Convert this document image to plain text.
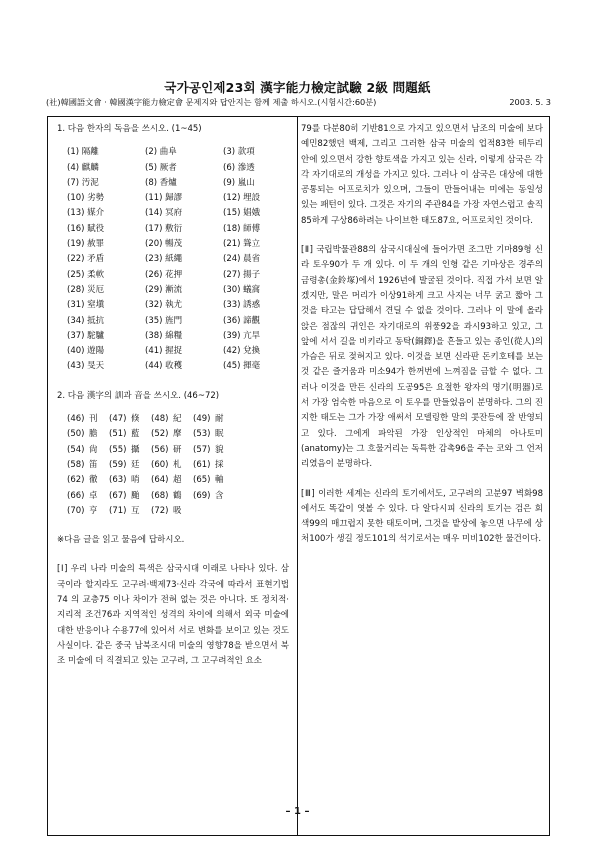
국가공인제23회 漢字能力檢定試驗 2級 問題紙
(社)韓國語文會 · 韓國漢字能力檢定會 문제지와 답안지는 함께 제출 하시오.(시험시간:60분)	2003. 5. 3

1. 다음 한자의 독음을 쓰시오. (1~45)

(1) 隔離	(2) 曲阜	(3) 款項
(4) 麒麟	(5) 厥者	(6) 滲透
(7) 汚泥	(8) 香爐	(9) 嵐山
(10) 劣勢	(11) 歸謬	(12) 埋設
(13) 媒介	(14) 冥府	(15) 娼娥
(16) 賦役	(17) 敷衍	(18) 師傅
(19) 赦罪	(20) 暢茂	(21) 聳立
(22) 矛盾	(23) 紙繩	(24) 晨省
(25) 柔軟	(26) 花押	(27) 揚子
(28) 災厄	(29) 漸流	(30) 蟻窩
(31) 窒塡	(32) 執尤	(33) 誘惑
(34) 抵抗	(35) 旌門	(36) 諦觀
(37) 駝驢	(38) 綿糧	(39) 亢旱
(40) 遊陽	(41) 握捉	(42) 兌換
(43) 旻天	(44) 收穫	(45) 揮毫

2. 다음 漢字의 訓과 音을 쓰시오. (46~72)

(46) 刊	(47) 倏	(48) 紀	(49) 耐
(50) 膽	(51) 藍	(52) 摩	(53) 眠
(54) 尙	(55) 攝	(56) 研	(57) 貌
(58) 笛	(59) 廷	(60) 札	(61) 採
(62) 徹	(63) 哨	(64) 超	(65) 軸
(66) 卓	(67) 颱	(68) 鶴	(69) 含
(70) 亨	(71) 互	(72) 吸

※다음 글을 읽고 물음에 답하시오.

[Ⅰ] 우리 나라 미술의 특색은 삼국시대 이래로 나타나 있다. 삼국이라 할지라도 고구려·백제73·신라 각국에 따라서 표현기법74 의 교층75 이나 차이가 전혀 없는 것은 아니다. 또 정치적·지리적 조건76과 지역적인 성격의 차이에 의해서 외국 미술에 대한 반응이나 수용77에 있어서 서로 변화를 보이고 있는 것도 사실이다. 같은 중국 남북조시대 미술의 영향78을 받으면서 북조 미술에 더 직결되고 있는 고구려, 그 고구려적인 요소

79를 다분80히 기반81으로 가지고 있으면서 남조의 미술에 보다 예민82했던 백제, 그리고 그러한 삼국 미술의 업적83한 테두리 안에 있으면서 강한 향토색을 가지고 있는 신라, 이렇게 삼국은 각각 자기대로의 개성을 가지고 있다. 그러나 이 삼국은 대상에 대한 공통되는 어프로치가 있으며, 그들이 만들어내는 미에는 동일성 있는 패턴이 있다. 그것은 자기의 주관84을 가장 자연스럽고 솔직85하게 구상86하려는 나이브한 태도87요, 어프로치인 것이다.

[Ⅱ] 국립박물관88의 삼국시대실에 들어가면 조그만 기마89형 신라 토우90가 두 개 있다. 이 두 개의 인형 같은 기마상은 경주의 금령총(金鈴塚)에서 1926년에 발굴된 것이다. 직접 가서 보면 알겠지만, 말은 머리가 이상91하게 크고 사지는 너무 굵고 짧아 그것을 타고는 답답해서 견딜 수 없을 것이다. 그러나 이 말에 올라앉은 점잖의 귀인은 자기대로의 위풍92을 과시93하고 있고, 그 앞에 서서 길을 비키라고 동탁(銅鐸)을 흔들고 있는 종인(從人)의 가슴은 뒤로 젖혀지고 있다. 이것을 보면 신라판 돈키호테를 보는 것 같은 즐거움과 미소94가 한꺼번에 느껴짐을 금할 수 없다. 그러나 이것을 만든 신라의 도공95은 요절한 왕자의 명기(明器)로서 가장 엄숙한 마음으로 이 토우를 만들었음이 분명하다. 그의 진지한 태도는 그가 가장 애써서 모델링한 말의 콧잔등에 잘 반영되고 있다. 그에게 파악된 가장 인상적인 마체의 아나토미(anatomy)는 그 흐물거리는 독특한 감촉96을 주는 코와 그 언저리였음이 분명하다.

[Ⅲ] 이러한 세계는 신라의 토기에서도, 고구려의 고분97 벽화98에서도 똑같이 엿볼 수 있다. 다 알다시피 신라의 토기는 검은 회색99의 매끄럽지 못한 태토이며, 그것을 밭상에 놓으면 나무에 상처100가 생길 정도101의 석기로서는 매우 미비102한 물건이다.

– 1 –
